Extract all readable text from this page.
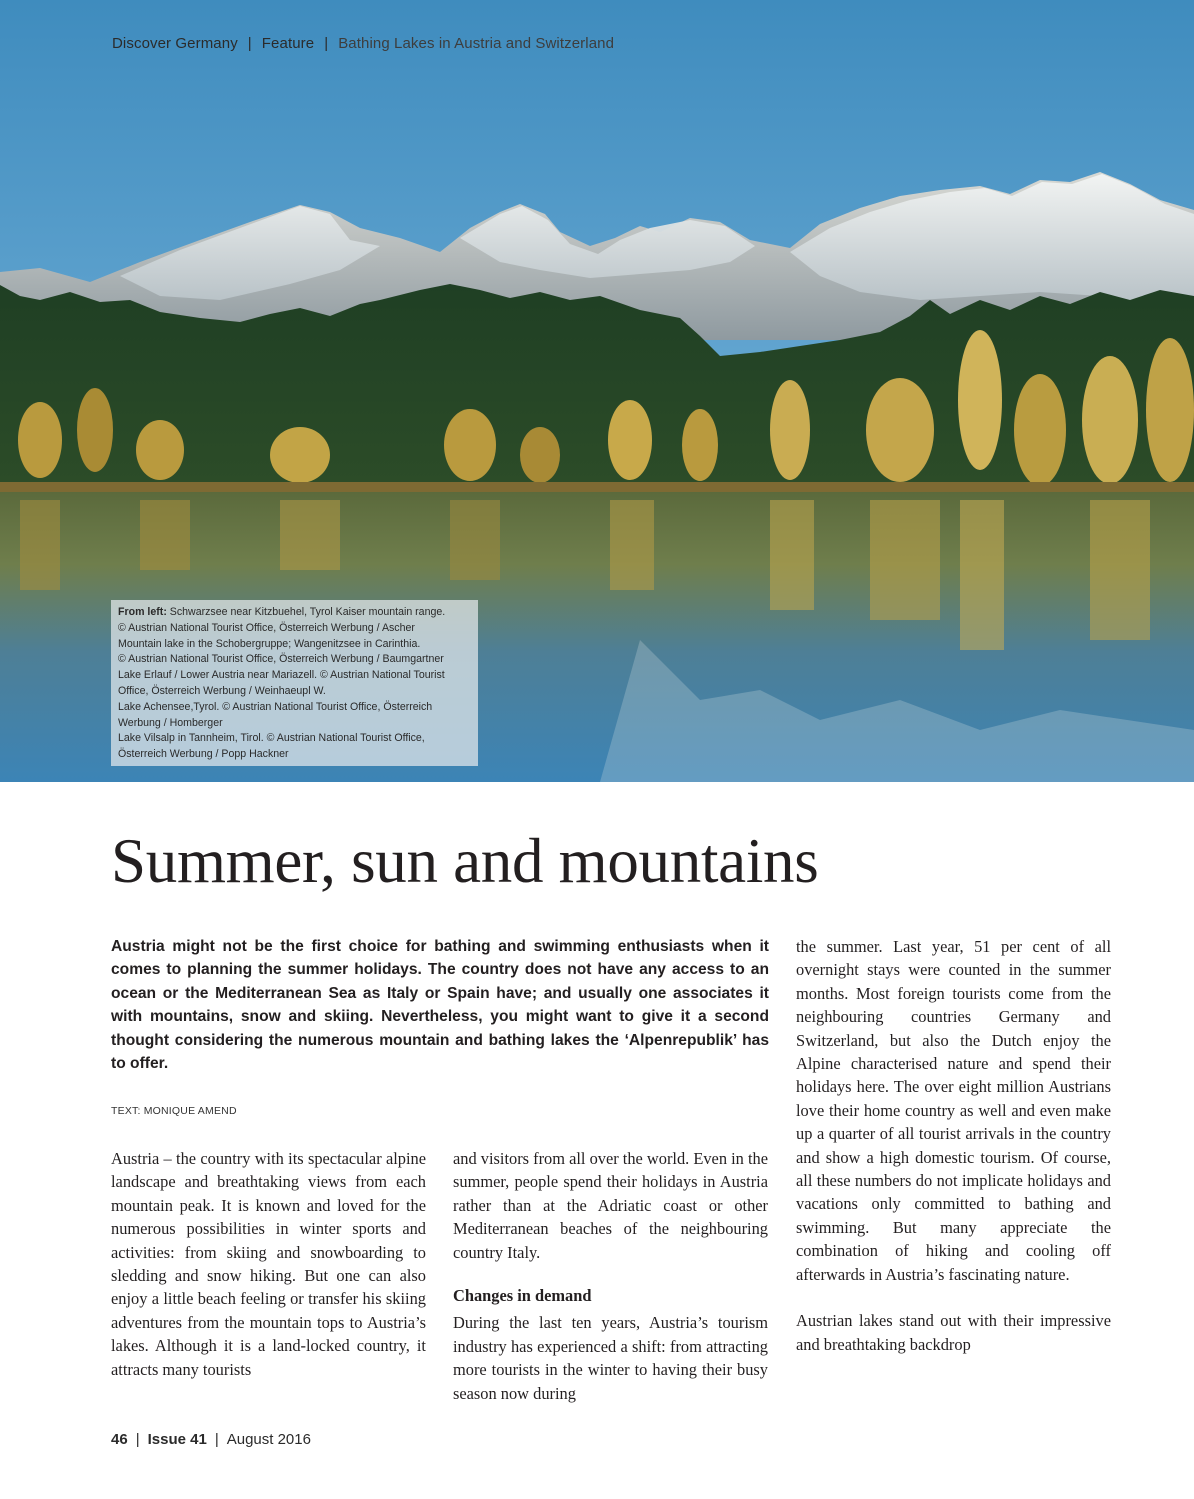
Discover Germany | Feature | Bathing Lakes in Austria and Switzerland
From left: Schwarzsee near Kitzbuehel, Tyrol Kaiser mountain range.
© Austrian National Tourist Office, Österreich Werbung / Ascher
Mountain lake in the Schobergruppe; Wangenitzsee in Carinthia.
© Austrian National Tourist Office, Österreich Werbung / Baumgartner
Lake Erlauf / Lower Austria near Mariazell. © Austrian National Tourist
Office, Österreich Werbung / Weinhaeupl W.
Lake Achensee,Tyrol. © Austrian National Tourist Office, Österreich
Werbung / Homberger
Lake Vilsalp in Tannheim, Tirol. © Austrian National Tourist Office,
Österreich Werbung / Popp Hackner
Summer, sun and mountains

Austria might not be the first choice for bathing and swimming enthusiasts when it comes to planning the summer holidays. The country does not have any access to an ocean or the Mediterranean Sea as Italy or Spain have; and usually one associates it with mountains, snow and skiing. Nevertheless, you might want to give it a second thought considering the numerous mountain and bathing lakes the ‘Alpenrepublik’ has to offer.

TEXT: MONIQUE AMEND

Austria – the country with its spectacular alpine landscape and breathtaking views from each mountain peak. It is known and loved for the numerous possibilities in winter sports and activities: from skiing and snowboarding to sledding and snow hiking. But one can also enjoy a little beach feeling or transfer his skiing adventures from the mountain tops to Austria’s lakes. Although it is a land-locked country, it attracts many tourists

and visitors from all over the world. Even in the summer, people spend their holidays in Austria rather than at the Adriatic coast or other Mediterranean beaches of the neighbouring country Italy.

Changes in demand

During the last ten years, Austria’s tourism industry has experienced a shift: from attracting more tourists in the winter to having their busy season now during

the summer. Last year, 51 per cent of all overnight stays were counted in the summer months. Most foreign tourists come from the neighbouring countries Germany and Switzerland, but also the Dutch enjoy the Alpine characterised nature and spend their holidays here. The over eight million Austrians love their home country as well and even make up a quarter of all tourist arrivals in the country and show a high domestic tourism. Of course, all these numbers do not implicate holidays and vacations only committed to bathing and swimming. But many appreciate the combination of hiking and cooling off afterwards in Austria’s fascinating nature.

Austrian lakes stand out with their impressive and breathtaking backdrop

46 | Issue 41 | August 2016
